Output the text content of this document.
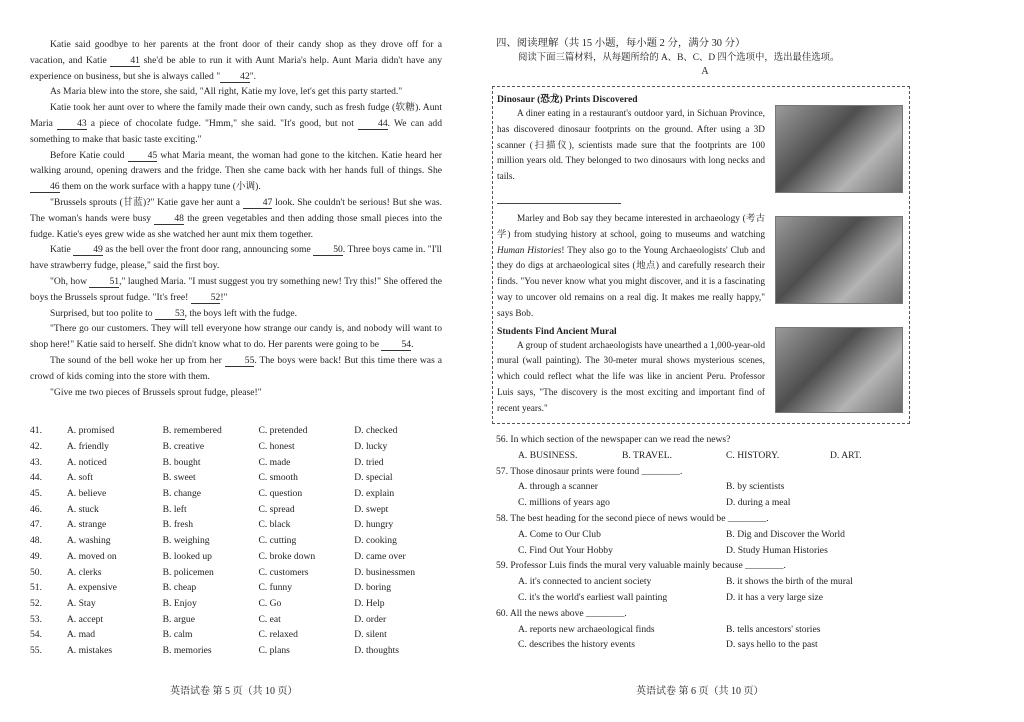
Katie said goodbye to her parents at the front door of their candy shop as they drove off for a vacation, and Katie 41 she'd be able to run it with Aunt Maria's help. Aunt Maria didn't have any experience on business, but she is always called " 42".

As Maria blew into the store, she said, "All right, Katie my love, let's get this party started."

Katie took her aunt over to where the family made their own candy, such as fresh fudge (软糖). Aunt Maria 43 a piece of chocolate fudge. "Hmm," she said. "It's good, but not 44. We can add something to make that basic taste exciting."

Before Katie could 45 what Maria meant, the woman had gone to the kitchen. Katie heard her walking around, opening drawers and the fridge. Then she came back with her hands full of things. She 46 them on the work surface with a happy tune (小调).

"Brussels sprouts (甘蓝)?" Katie gave her aunt a 47 look. She couldn't be serious! But she was. The woman's hands were busy 48 the green vegetables and then adding those small pieces into the fudge. Katie's eyes grew wide as she watched her aunt mix them together.

Katie 49 as the bell over the front door rang, announcing some 50. Three boys came in. "I'll have strawberry fudge, please," said the first boy.

"Oh, how 51," laughed Maria. "I must suggest you try something new! Try this!" She offered the boys the Brussels sprout fudge. "It's free! 52!"

Surprised, but too polite to 53, the boys left with the fudge.

"There go our customers. They will tell everyone how strange our candy is, and nobody will want to shop here!" Katie said to herself. She didn't know what to do. Her parents were going to be 54.

The sound of the bell woke her up from her 55. The boys were back! But this time there was a crowd of kids coming into the store with them.

"Give me two pieces of Brussels sprout fudge, please!"

41.	A. promised	B. remembered	C. pretended	D. checked
42.	A. friendly	B. creative	C. honest	D. lucky
43.	A. noticed	B. bought	C. made	D. tried
44.	A. soft	B. sweet	C. smooth	D. special
45.	A. believe	B. change	C. question	D. explain
46.	A. stuck	B. left	C. spread	D. swept
47.	A. strange	B. fresh	C. black	D. hungry
48.	A. washing	B. weighing	C. cutting	D. cooking
49.	A. moved on	B. looked up	C. broke down	D. came over
50.	A. clerks	B. policemen	C. customers	D. businessmen
51.	A. expensive	B. cheap	C. funny	D. boring
52.	A. Stay	B. Enjoy	C. Go	D. Help
53.	A. accept	B. argue	C. eat	D. order
54.	A. mad	B. calm	C. relaxed	D. silent
55.	A. mistakes	B. memories	C. plans	D. thoughts
英语试卷 第 5 页（共 10 页）
四、阅读理解（共 15 小题，每小题 2 分，满分 30 分）
阅读下面三篇材料，从每题所给的 A、B、C、D 四个选项中，选出最佳选项。
A
Dinosaur (恐龙) Prints Discovered

A diner eating in a restaurant's outdoor yard, in Sichuan Province, has discovered dinosaur footprints on the ground. After using a 3D scanner (扫描仪), scientists made sure that the footprints are 100 million years old. They belonged to two dinosaurs with long necks and tails.

Marley and Bob say they became interested in archaeology (考古学) from studying history at school, going to museums and watching Human Histories! They also go to the Young Archaeologists' Club and they do digs at archaeological sites (地点) and carefully research their finds. "You never know what you might discover, and it is a fascinating way to uncover old remains on a real dig. It makes me really happy," says Bob.

Students Find Ancient Mural

A group of student archaeologists have unearthed a 1,000-year-old mural (wall painting). The 30-meter mural shows mysterious scenes, which could reflect what the life was like in ancient Peru. Professor Luis says, "The discovery is the most exciting and important find of recent years."

56. In which section of the newspaper can we read the news?
A. BUSINESS.	B. TRAVEL.	C. HISTORY.	D. ART.
57. Those dinosaur prints were found ________.
A. through a scanner	B. by scientists
C. millions of years ago	D. during a meal
58. The best heading for the second piece of news would be ________.
A. Come to Our Club	B. Dig and Discover the World
C. Find Out Your Hobby	D. Study Human Histories
59. Professor Luis finds the mural very valuable mainly because ________.
A. it's connected to ancient society	B. it shows the birth of the mural
C. it's the world's earliest wall painting	D. it has a very large size
60. All the news above ________.
A. reports new archaeological finds	B. tells ancestors' stories
C. describes the history events	D. says hello to the past
英语试卷 第 6 页（共 10 页）
